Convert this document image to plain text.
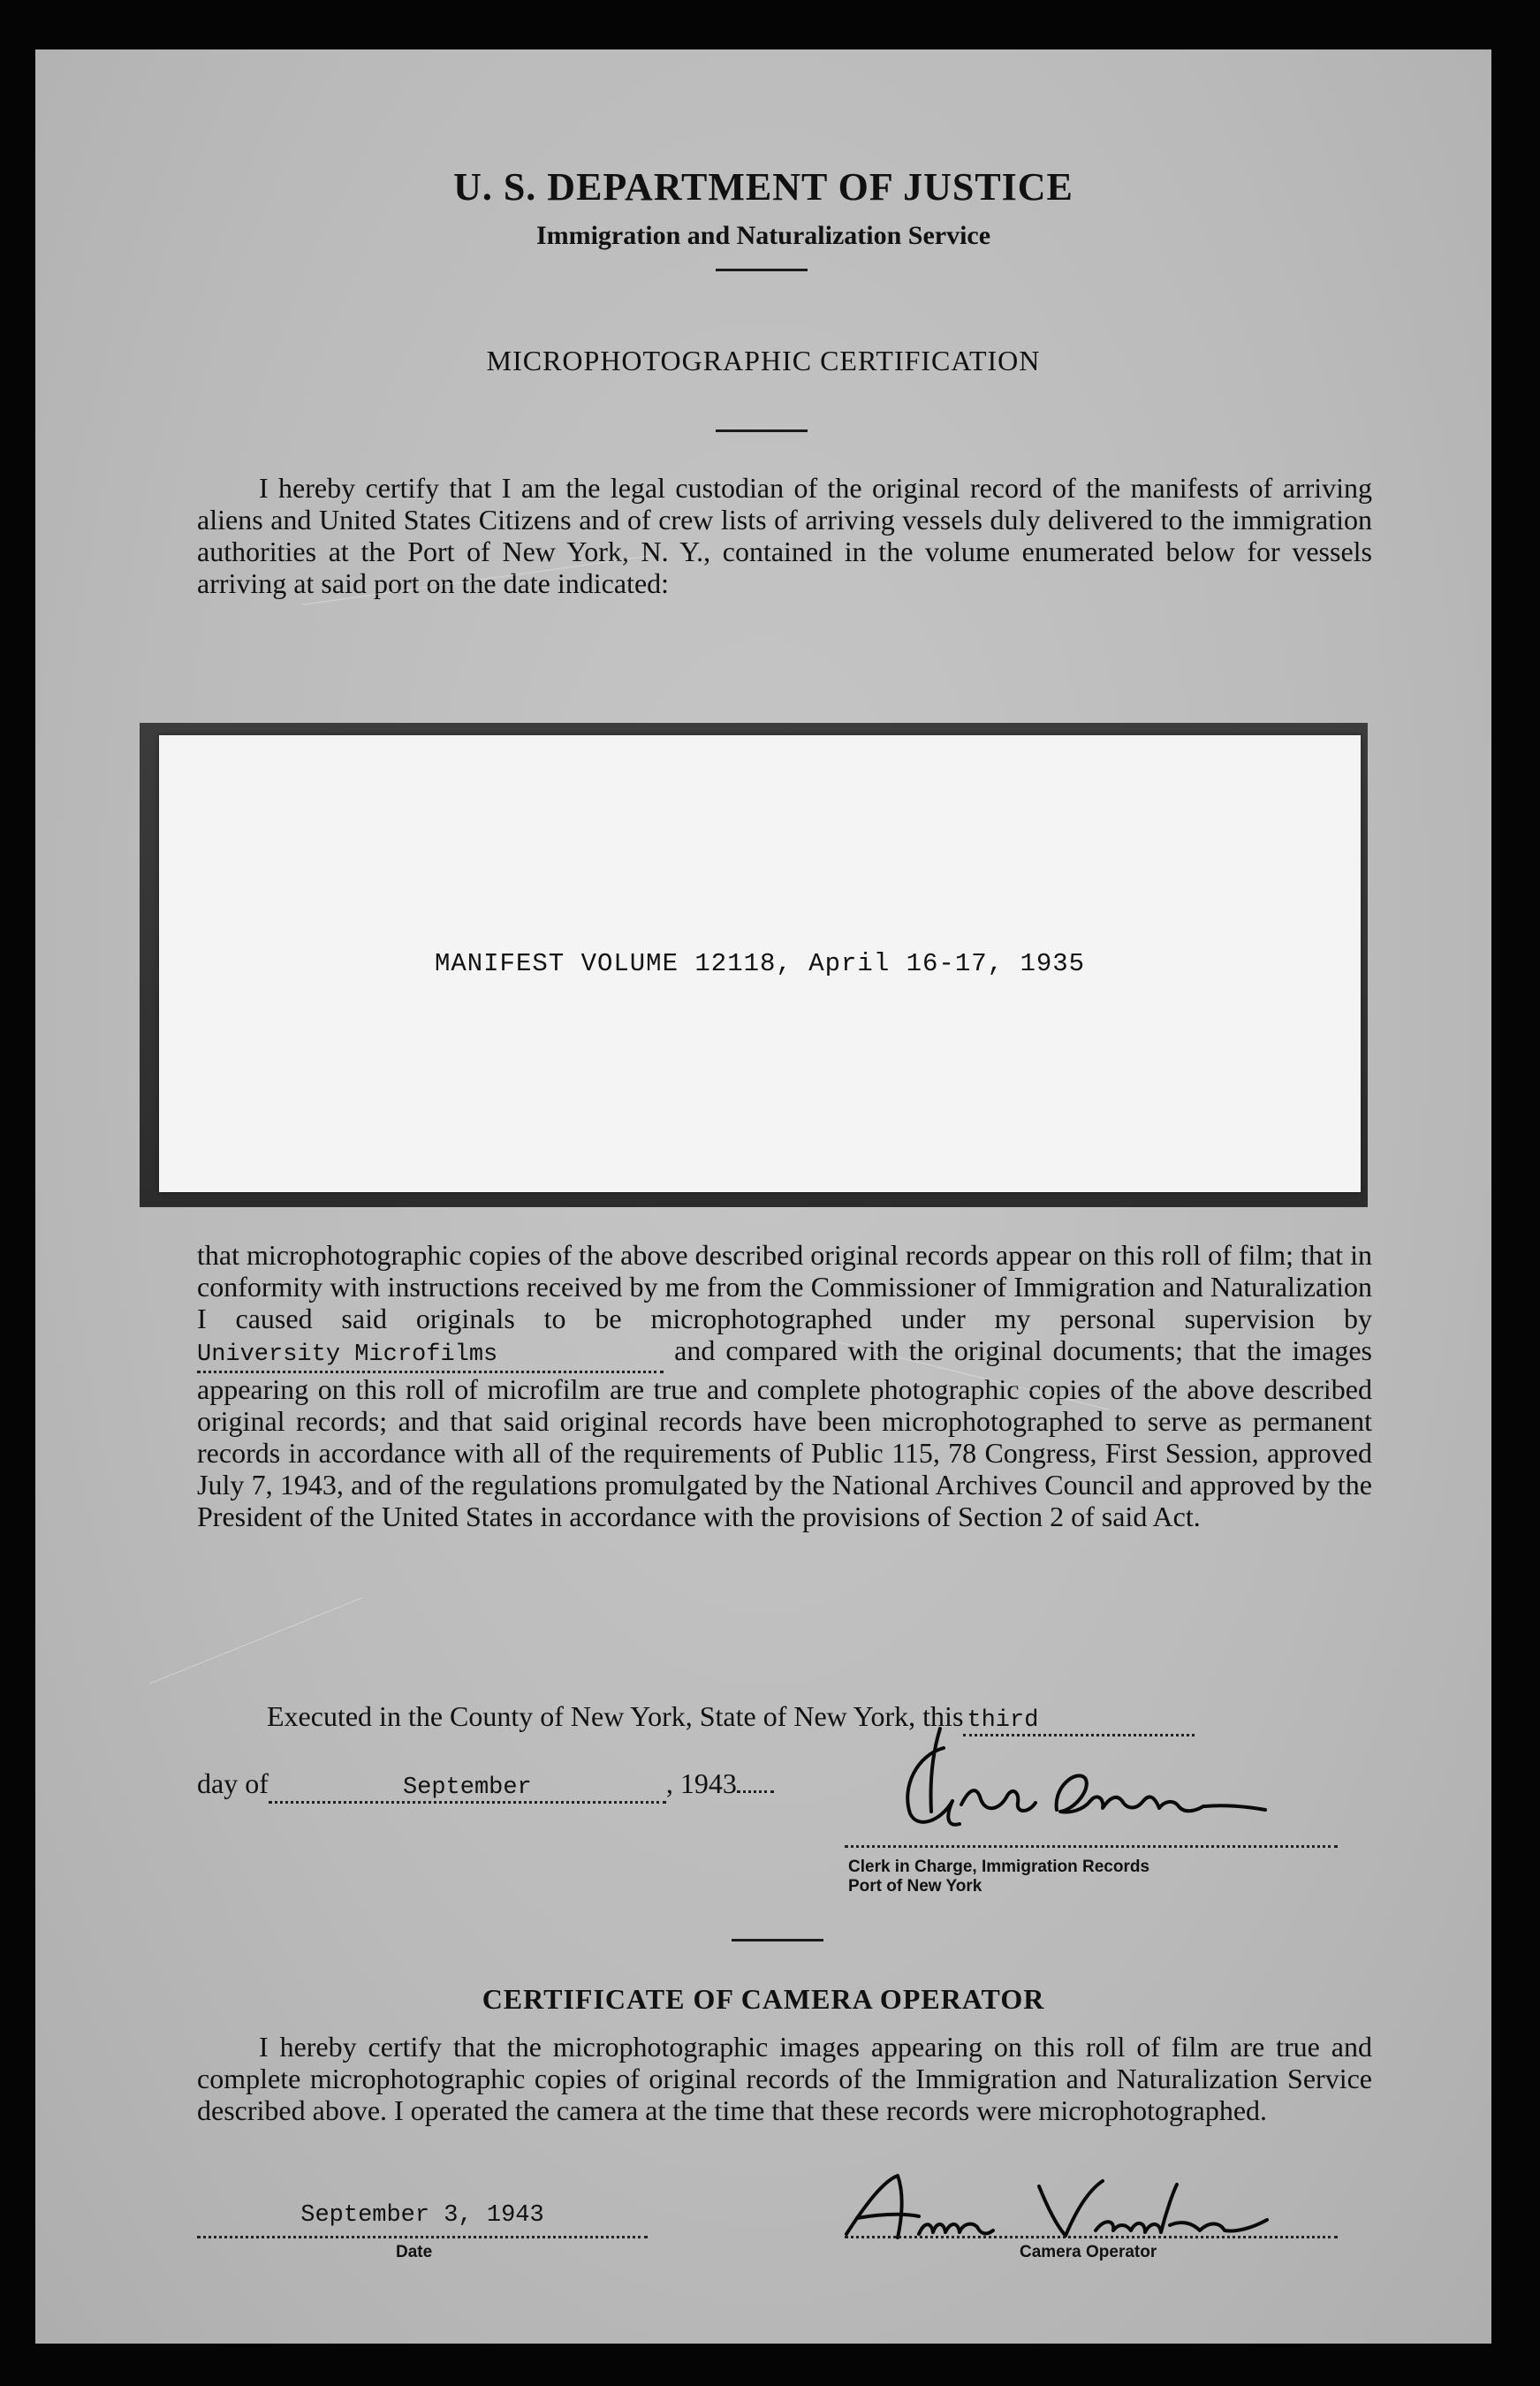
U. S. DEPARTMENT OF JUSTICE
Immigration and Naturalization Service
MICROPHOTOGRAPHIC CERTIFICATION
I hereby certify that I am the legal custodian of the original record of the manifests of arriving aliens and United States Citizens and of crew lists of arriving vessels duly delivered to the immigration authorities at the Port of New York, N. Y., contained in the volume enumerated below for vessels arriving at said port on the date indicated:
MANIFEST VOLUME 12118, April 16-17, 1935
that microphotographic copies of the above described original records appear on this roll of film; that in conformity with instructions received by me from the Commissioner of Immigration and Naturalization I caused said originals to be microphotographed under my personal supervision by University Microfilms	and compared with the original documents; that the images appearing on this roll of microfilm are true and complete photographic copies of the above described original records; and that said original records have been microphotographed to serve as permanent records in accordance with all of the requirements of Public 115, 78 Congress, First Session, approved July 7, 1943, and of the regulations promulgated by the National Archives Council and approved by the President of the United States in accordance with the provisions of Section 2 of said Act.
Executed in the County of New York, State of New York, this third
day of	September	, 1943
Clerk in Charge, Immigration Records
Port of New York
CERTIFICATE OF CAMERA OPERATOR
I hereby certify that the microphotographic images appearing on this roll of film are true and complete microphotographic copies of original records of the Immigration and Naturalization Service described above. I operated the camera at the time that these records were microphotographed.
September 3, 1943
Date	Camera Operator
